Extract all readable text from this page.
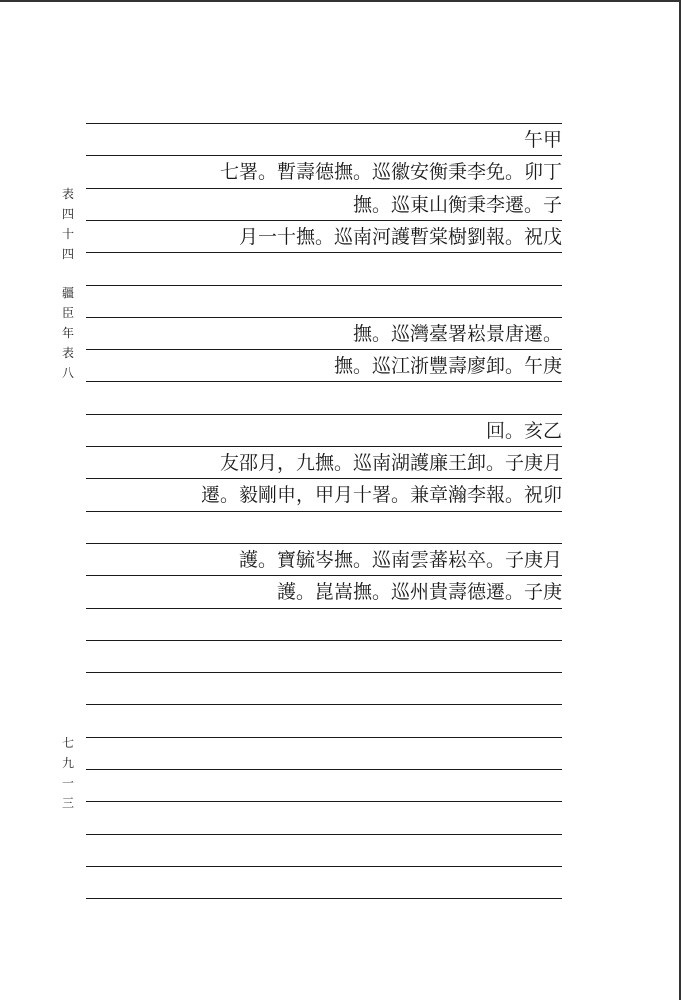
表
四
十
四
疆
臣
年
表
八
七
九
一
三
午甲
七署。暫壽德撫。巡徽安衡秉李免。卯丁
撫。巡東山衡秉李遷。子
月一十撫。巡南河護暫棠樹劉報。祝戊
撫。巡灣臺署崧景唐遷。
撫。巡江浙豐壽廖卸。午庚
回。亥乙
友邵月，九撫。巡南湖護廉王卸。子庚月
遷。毅剛申，甲月十署。兼章瀚李報。祝卯
護。寶毓岑撫。巡南雲蕃崧卒。子庚月
護。崑嵩撫。巡州貴壽德遷。子庚
